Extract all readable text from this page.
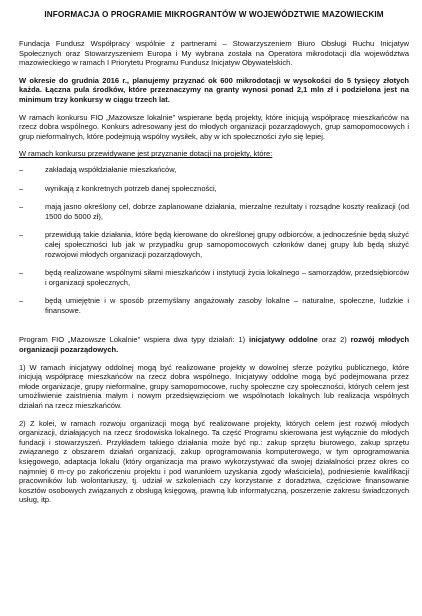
INFORMACJA O PROGRAMIE MIKROGRANTÓW W WOJEWÓDZTWIE MAZOWIECKIM

Fundacja Fundusz Współpracy wspólnie z partnerami – Stowarzyszeniem Biuro Obsługi Ruchu Inicjatyw Społecznych oraz Stowarzyszeniem Europa i My wybrana została na Operatora mikrodotacji dla województwa mazowieckiego w ramach I Priorytetu Programu Fundusz Inicjatyw Obywatelskich.

W okresie do grudnia 2016 r., planujemy przyznać ok 600 mikrodotacji w wysokości do 5 tysięcy złotych każda. Łączna pula środków, które przeznaczymy na granty wynosi ponad 2,1 mln zł i podzielona jest na minimum trzy konkursy w ciągu trzech lat.

W ramach konkursu FIO „Mazowsze lokalnie” wspierane będą projekty, które inicjują współpracę mieszkańców na rzecz dobra wspólnego. Konkurs adresowany jest do młodych organizacji pozarządowych, grup samopomocowych i grup nieformalnych, które podejmują wspólny wysiłek, aby w ich społeczności żyło się lepiej.

W ramach konkursu przewidywane jest przyznanie dotacji na projekty, które:

–	zakładają współdziałanie mieszkańców,
–	wynikają z konkretnych potrzeb danej społeczności,
–	mają jasno określony cel, dobrze zaplanowane działania, mierzalne rezultaty i rozsądne koszty realizacji (od 1500 do 5000 zł),
–	przewidują takie działania, które będą kierowane do określonej grupy odbiorców, a jednocześnie będą służyć całej społeczności lub jak w przypadku grup samopomocowych członków danej grupy lub będą służyć rozwojowi młodych organizacji pozarządowych,
–	będą realizowane wspólnymi siłami mieszkańców i instytucji życia lokalnego – samorządów, przedsiębiorców i organizacji społecznych,
–	będą umiejętnie i w sposób przemyślany angażowały zasoby lokalne – naturalne, społeczne, ludzkie i finansowe.

Program FIO „Mazowsze Lokalnie” wspiera dwa typy działań: 1) inicjatywy oddolne oraz 2) rozwój młodych organizacji pozarządowych.

1) W ramach inicjatywy oddolnej mogą być realizowane projekty w dowolnej sferze pożytku publicznego, które inicjują współpracę mieszkańców na rzecz dobra wspólnego. Inicjatywy oddolne mogą być podejmowana przez młode organizacje, grupy nieformalne, grupy samopomocowe, ruchy społeczne czy społeczności, których celem jest umożliwienie zaistnienia małym i nowym przedsięwzięciom we wspólnotach lokalnych lub realizacja wspólnych działań na rzecz mieszkańców.

2) Z kolei, w ramach rozwoju organizacji mogą być realizowane projekty, których celem jest rozwój młodych organizacji, działających na rzecz środowiska lokalnego. Ta część Programu skierowana jest wyłącznie do młodych fundacji i stowarzyszeń. Przykładem takiego działania może być np.: zakup sprzętu biurowego, zakup sprzętu związanego z obszarem działań organizacji, zakup oprogramowania komputerowego, w tym oprogramowania księgowego, adaptacja lokalu (który organizacja ma prawo wykorzystywać dla swojej działalności przez okres co najmniej 6 m-cy po zakończeniu projektu i pod warunkiem uzyskania zgody właściciela), podniesienie kwalifikacji pracowników lub wolontariuszy, tj. udział w szkoleniach czy korzystanie z doradztwa, częściowe finansowanie kosztów osobowych związanych z obsługą księgową, prawną lub informatyczną, poszerzenie zakresu świadczonych usług, itp.
